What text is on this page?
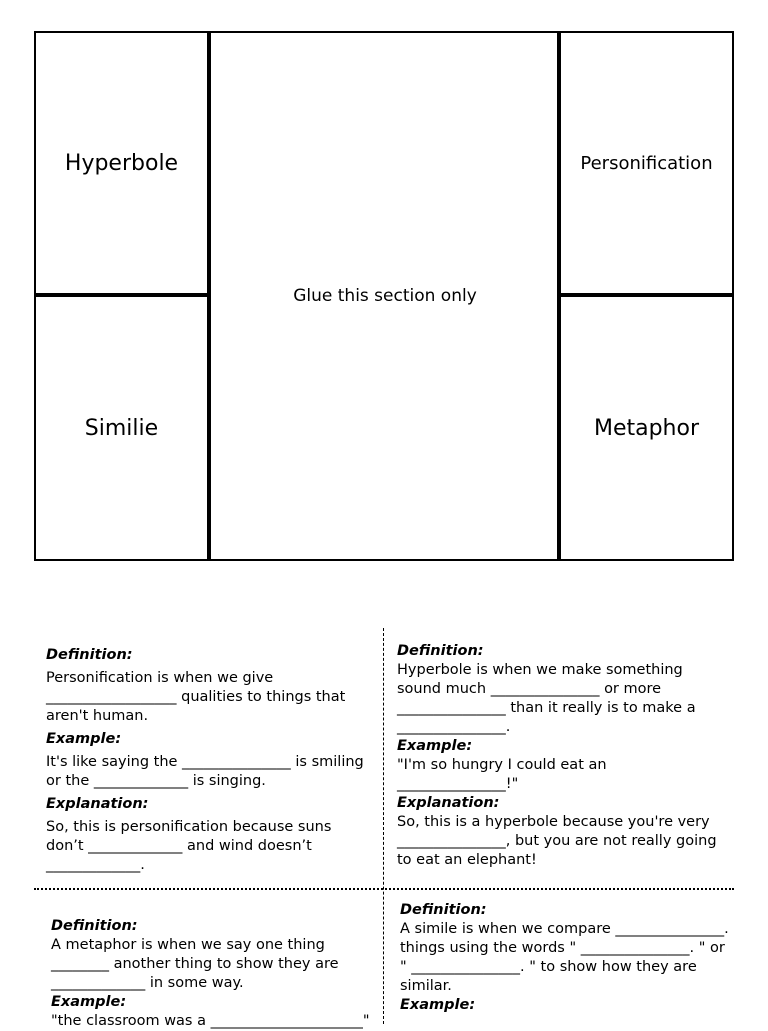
Hyperbole
Similie
Glue this section only
Personification
Metaphor
Definition:

Personification is when we give __________________ qualities to things that aren't human.

Example:

It's like saying the _______________ is smiling or the _____________ is singing.

Explanation:

So, this is personification because suns don’t _____________ and wind doesn’t _____________.

Definition:

Hyperbole is when we make something sound much _______________ or more _______________ than it really is to make a _______________.

Example:

"I'm so hungry I could eat an _______________!"

Explanation:

So, this is a hyperbole because you're very _______________, but you are not really going to eat an elephant!

Definition:

A metaphor is when we say one thing ________ another thing to show they are _____________ in some way.

Example:

"the classroom was a _____________________"

Definition:

A simile is when we compare _______________. things using the words " _______________. " or " _______________. " to show how they are similar.

Example:
